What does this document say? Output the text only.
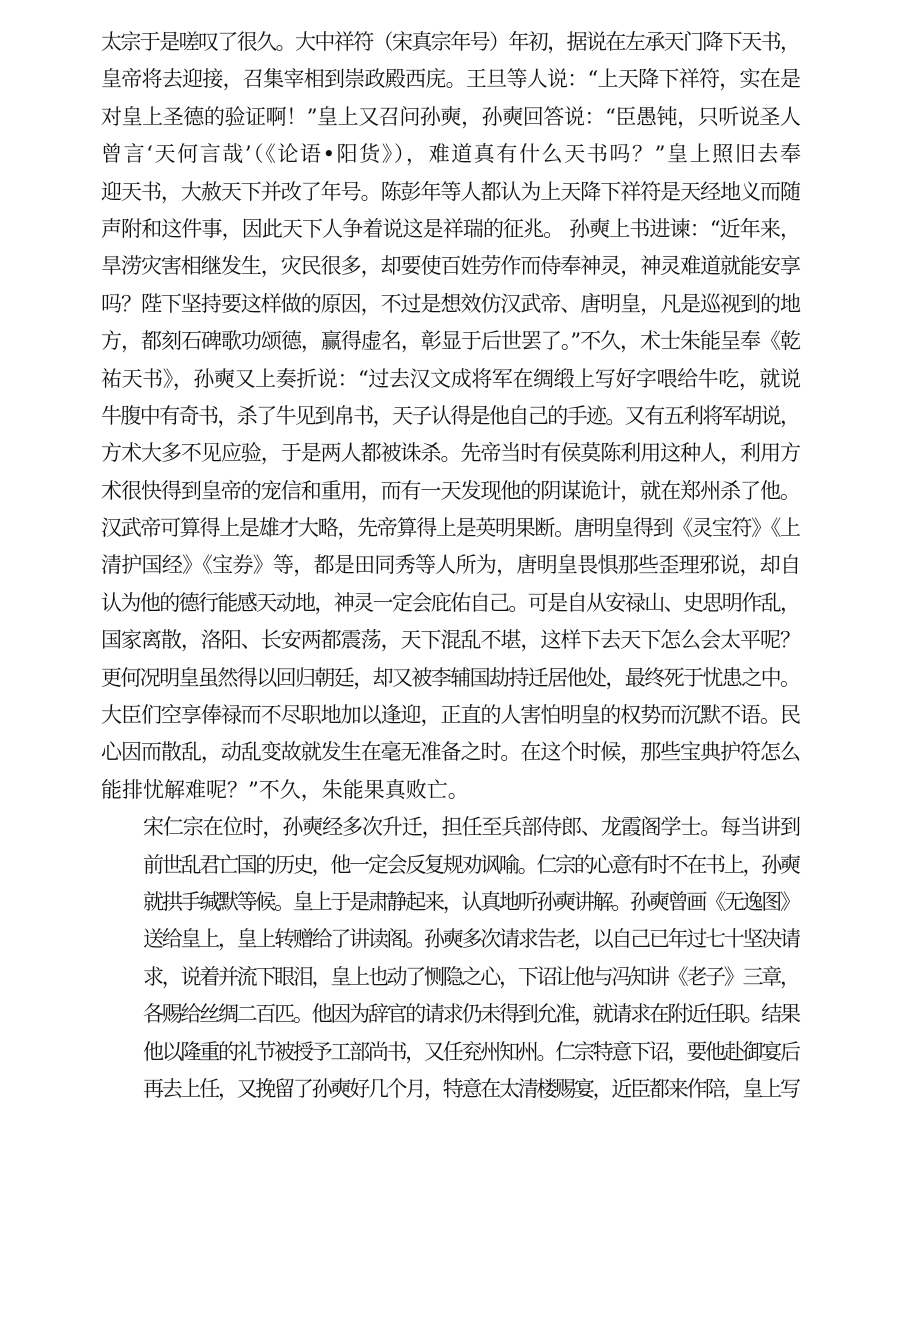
太宗于是嗟叹了很久。大中祥符（宋真宗年号）年初，据说在左承天门降下天书，
皇帝将去迎接，召集宰相到崇政殿西庑。王旦等人说：“上天降下祥符，实在是
对皇上圣德的验证啊！”皇上又召问孙奭，孙奭回答说：“臣愚钝，只听说圣人
曾言‘天何言哉’（《论语•阳货》），难道真有什么天书吗？”皇上照旧去奉
迎天书，大赦天下并改了年号。陈彭年等人都认为上天降下祥符是天经地义而随
声附和这件事，因此天下人争着说这是祥瑞的征兆。 孙奭上书进谏：“近年来，
旱涝灾害相继发生，灾民很多，却要使百姓劳作而侍奉神灵，神灵难道就能安享
吗？陛下坚持要这样做的原因，不过是想效仿汉武帝、唐明皇，凡是巡视到的地
方，都刻石碑歌功颂德，赢得虚名，彰显于后世罢了。”不久，术士朱能呈奉《乾
祐天书》，孙奭又上奏折说：“过去汉文成将军在绸缎上写好字喂给牛吃，就说
牛腹中有奇书，杀了牛见到帛书，天子认得是他自己的手迹。又有五利将军胡说，
方术大多不见应验，于是两人都被诛杀。先帝当时有侯莫陈利用这种人，利用方
术很快得到皇帝的宠信和重用，而有一天发现他的阴谋诡计，就在郑州杀了他。
汉武帝可算得上是雄才大略，先帝算得上是英明果断。唐明皇得到《灵宝符》《上
清护国经》《宝券》等，都是田同秀等人所为，唐明皇畏惧那些歪理邪说，却自
认为他的德行能感天动地，神灵一定会庇佑自己。可是自从安禄山、史思明作乱，
国家离散，洛阳、长安两都震荡，天下混乱不堪，这样下去天下怎么会太平呢？
更何况明皇虽然得以回归朝廷，却又被李辅国劫持迁居他处，最终死于忧患之中。
大臣们空享俸禄而不尽职地加以逢迎，正直的人害怕明皇的权势而沉默不语。民
心因而散乱，动乱变故就发生在毫无准备之时。在这个时候，那些宝典护符怎么
能排忧解难呢？”不久，朱能果真败亡。
宋仁宗在位时，孙奭经多次升迁，担任至兵部侍郎、龙霞阁学士。每当讲到
前世乱君亡国的历史，他一定会反复规劝讽喻。仁宗的心意有时不在书上，孙奭
就拱手缄默等候。皇上于是肃静起来，认真地听孙奭讲解。孙奭曾画《无逸图》
送给皇上，皇上转赠给了讲读阁。孙奭多次请求告老，以自己已年过七十坚决请
求，说着并流下眼泪，皇上也动了恻隐之心，下诏让他与冯知讲《老子》三章，
各赐给丝绸二百匹。他因为辞官的请求仍未得到允准，就请求在附近任职。结果
他以隆重的礼节被授予工部尚书，又任兖州知州。仁宗特意下诏，要他赴御宴后
再去上任，又挽留了孙奭好几个月，特意在太清楼赐宴，近臣都来作陪，皇上写
